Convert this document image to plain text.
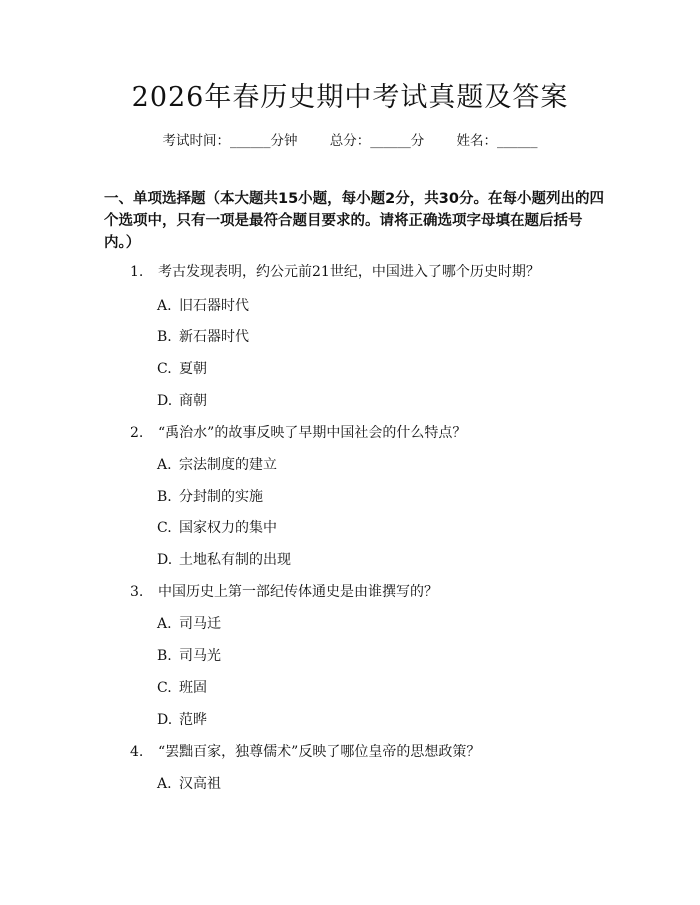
2026年春历史期中考试真题及答案
考试时间：______分钟 总分：______分 姓名：______
一、单项选择题（本大题共15小题，每小题2分，共30分。在每小题列出的四个选项中，只有一项是最符合题目要求的。请将正确选项字母填在题后括号内。）
1. 考古发现表明，约公元前21世纪，中国进入了哪个历史时期？
A. 旧石器时代
B. 新石器时代
C. 夏朝
D. 商朝
2. “禹治水”的故事反映了早期中国社会的什么特点？
A. 宗法制度的建立
B. 分封制的实施
C. 国家权力的集中
D. 土地私有制的出现
3. 中国历史上第一部纪传体通史是由谁撰写的？
A. 司马迁
B. 司马光
C. 班固
D. 范晔
4. “罢黜百家，独尊儒术”反映了哪位皇帝的思想政策？
A. 汉高祖
